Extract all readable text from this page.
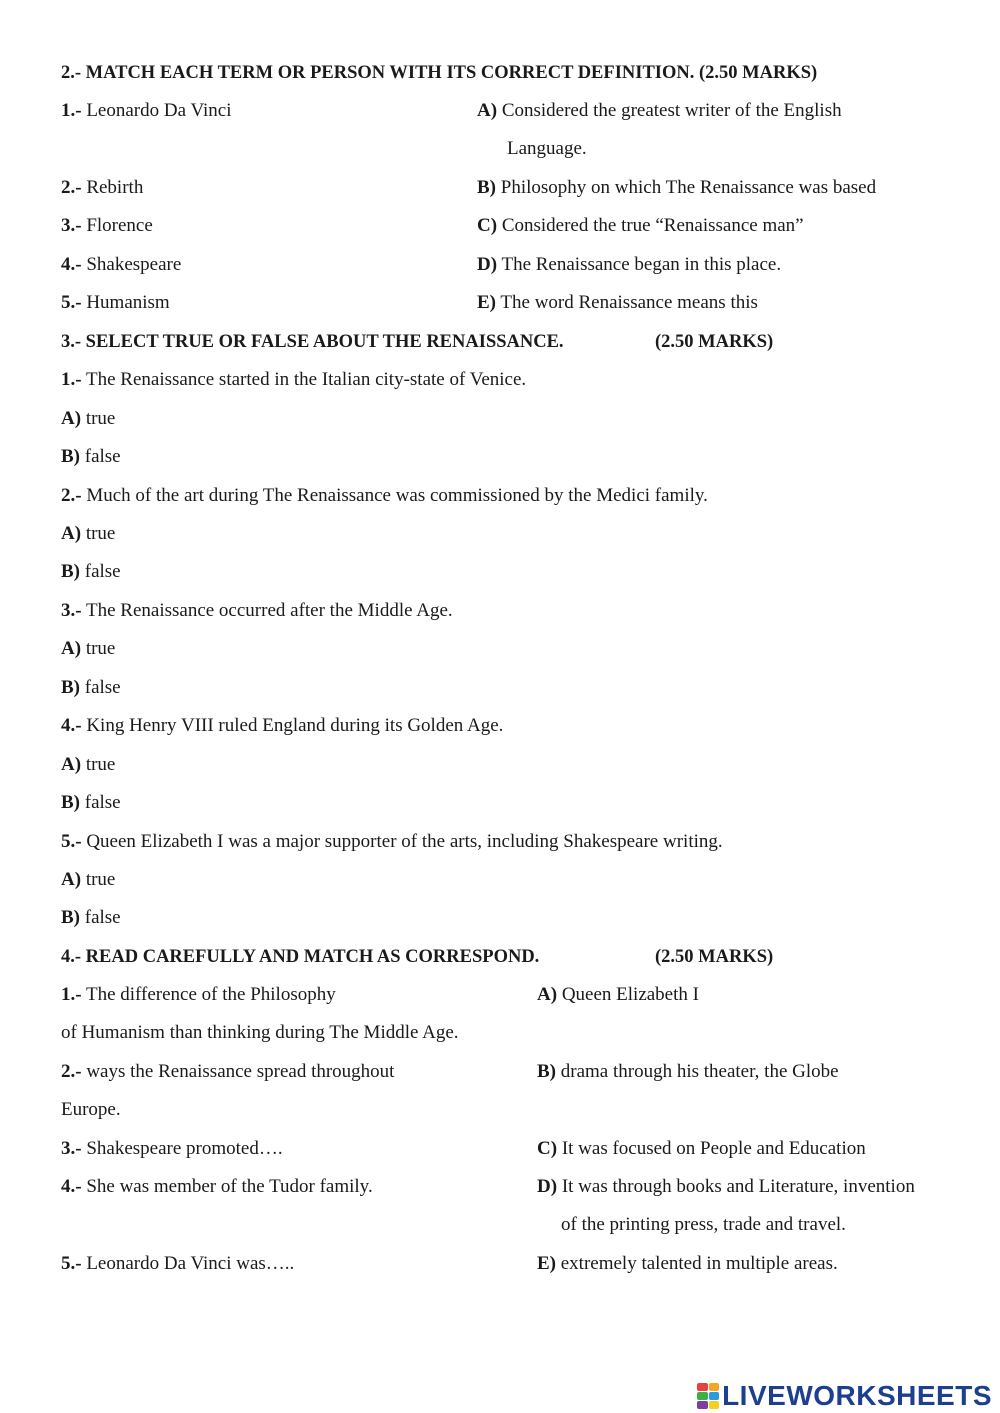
2.- MATCH EACH TERM OR PERSON WITH ITS CORRECT DEFINITION. (2.50 MARKS)
1.- Leonardo Da Vinci	A) Considered the greatest writer of the English
Language.
2.- Rebirth	B) Philosophy on which The Renaissance was based
3.- Florence	C) Considered the true “Renaissance man”
4.- Shakespeare	D) The Renaissance began in this place.
5.- Humanism	E) The word Renaissance means this
3.- SELECT TRUE OR FALSE ABOUT THE RENAISSANCE.	(2.50 MARKS)
1.- The Renaissance started in the Italian city-state of Venice.
A) true
B) false
2.- Much of the art during The Renaissance was commissioned by the Medici family.
A) true
B) false
3.- The Renaissance occurred after the Middle Age.
A) true
B) false
4.- King Henry VIII ruled England during its Golden Age.
A) true
B) false
5.- Queen Elizabeth I was a major supporter of the arts, including Shakespeare writing.
A) true
B) false
4.- READ CAREFULLY AND MATCH AS CORRESPOND.	(2.50 MARKS)
1.- The difference of the Philosophy	A) Queen Elizabeth I
of Humanism than thinking during The Middle Age.
2.- ways the Renaissance spread throughout	B) drama through his theater, the Globe
Europe.
3.- Shakespeare promoted….	C) It was focused on People and Education
4.- She was member of the Tudor family.	D) It was through books and Literature, invention
of the printing press, trade and travel.
5.- Leonardo Da Vinci was…..	E) extremely talented in multiple areas.
LIVEWORKSHEETS
